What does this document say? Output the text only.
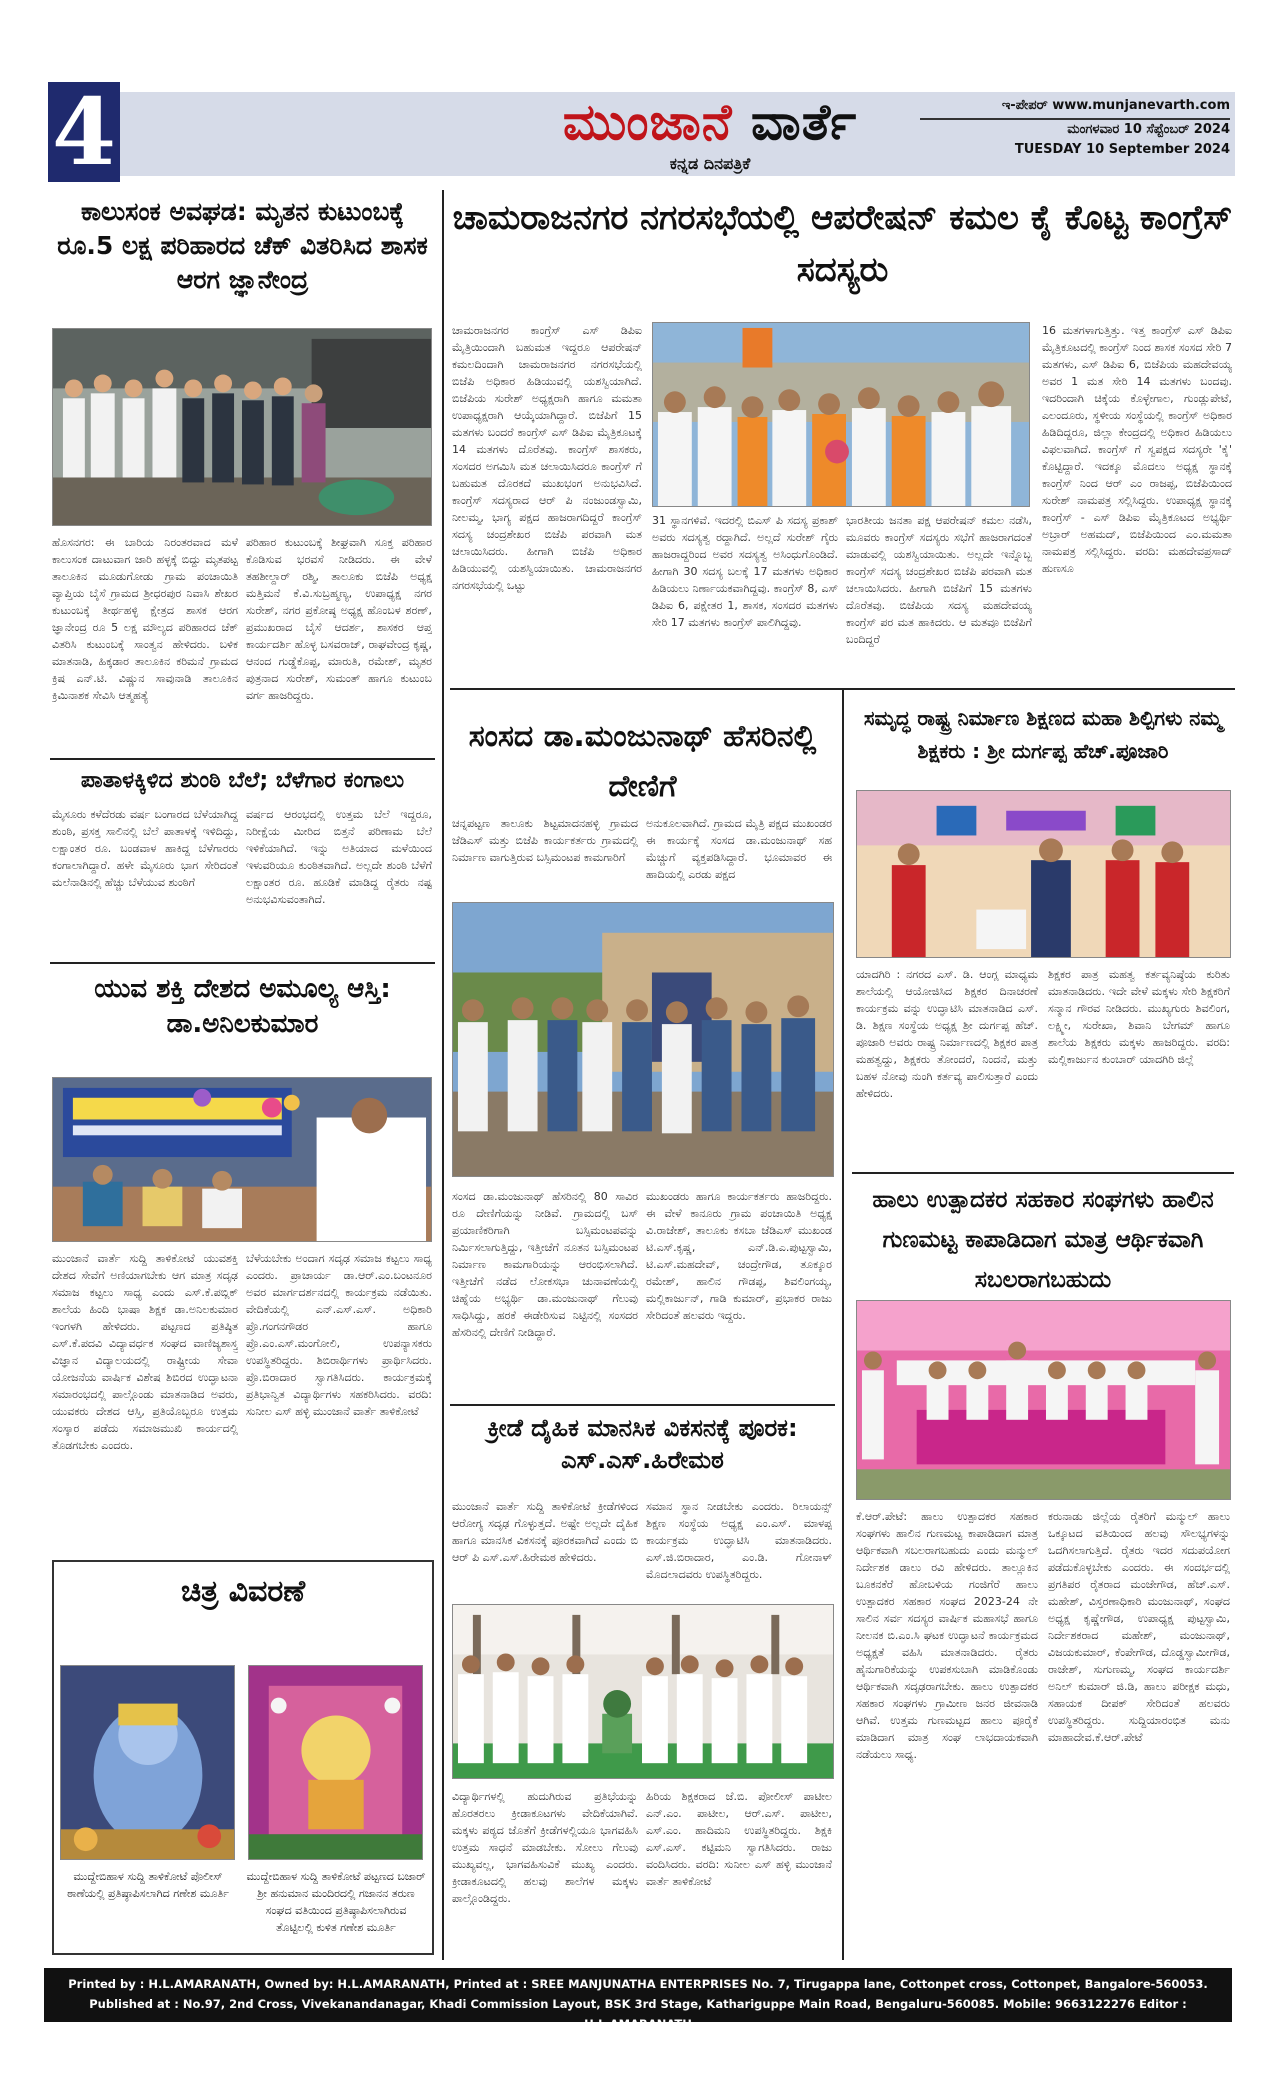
4	ಮುಂಜಾನೆ ವಾರ್ತೆ
ಕನ್ನಡ ದಿನಪತ್ರಿಕೆ
ಇ-ಪೇಪರ್ www.munjanevarth.com
ಮಂಗಳವಾರ 10 ಸೆಪ್ಟೆಂಬರ್ 2024
TUESDAY 10 September 2024
ಕಾಲುಸಂಕ ಅವಘಡ: ಮೃತನ ಕುಟುಂಬಕ್ಕೆ ರೂ.5 ಲಕ್ಷ ಪರಿಹಾರದ ಚೆಕ್ ವಿತರಿಸಿದ ಶಾಸಕ ಆರಗ ಜ್ಞಾನೇಂದ್ರ
ಹೊಸನಗರ: ಈ ಬಾರಿಯ ನಿರಂತರವಾದ ಮಳೆ ಕಾಲುಸಂಕ ದಾಟುವಾಗ ಜಾರಿ ಹಳ್ಳಕ್ಕೆ ಬಿದ್ದು ಮೃತಪಟ್ಟ ತಾಲೂಕಿನ ಮೂಡುಗೋಡು ಗ್ರಾಮ ಪಂಚಾಯಿತಿ ವ್ಯಾಪ್ತಿಯ ಬೈಸೆ ಗ್ರಾಮದ ಶ್ರೀಧರಪುರ ನಿವಾಸಿ ಶೇಖರ ಕುಟುಂಬಕ್ಕೆ ತೀರ್ಥಹಳ್ಳಿ ಕ್ಷೇತ್ರದ ಶಾಸಕ ಆರಗ ಜ್ಞಾನೇಂದ್ರ ರೂ 5 ಲಕ್ಷ ಮೌಲ್ಯದ ಪರಿಹಾರದ ಚೆಕ್ ವಿತರಿಸಿ ಕುಟುಂಬಕ್ಕೆ ಸಾಂತ್ವನ ಹೇಳಿದರು. ಬಳಿಕ ಮಾತನಾಡಿ, ಹಿಕ್ಕಡಾರ ತಾಲೂಕಿನ ಕರಿಮನೆ ಗ್ರಾಮದ ಕ್ರಿಷ ಎನ್.ಟಿ. ವಿಷ್ಣುನ ಸಾವುನಾಡಿ ತಾಲೂಕಿನ ಕ್ರಿಮಿನಾಶಕ ಸೇವಿಸಿ ಆತ್ಮಹತ್ಯೆ
ಪರಿಹಾರ ಕುಟುಂಬಕ್ಕೆ ಶೀಘ್ರವಾಗಿ ಸೂಕ್ತ ಪರಿಹಾರ ಕೊಡಿಸುವ ಭರವಸೆ ನೀಡಿದರು. ಈ ವೇಳೆ ತಹಶೀಲ್ದಾರ್ ರಶ್ಮಿ, ತಾಲೂಕು ಬಿಜೆಪಿ ಅಧ್ಯಕ್ಷ ಮತ್ತಿಮನೆ ಕೆ.ವಿ.ಸುಬ್ರಹ್ಮಣ್ಯ, ಉಪಾಧ್ಯಕ್ಷ ನಗರ ಸುರೇಶ್, ನಗರ ಪ್ರಕೋಷ್ಠ ಅಧ್ಯಕ್ಷ ಹೊಂಬಳ ಶರಣ್, ಪ್ರಮುಖರಾದ ಬೈಸೆ ಆದರ್ಶ, ಶಾಸಕರ ಆಪ್ತ ಕಾರ್ಯದರ್ಶಿ ಹೊಳ್ಳ ಬಸವರಾಜ್, ರಾಘವೇಂದ್ರ ಕೃಷ್ಣ, ಆನಂದ ಗುಡ್ಡೆಕೊಪ್ಪ, ಮಾರುತಿ, ರಮೇಶ್, ಮೃತರ ಪುತ್ರನಾದ ಸುರೇಶ್, ಸುಮಂತ್ ಹಾಗೂ ಕುಟುಂಬ ವರ್ಗ ಹಾಜರಿದ್ದರು.
ಪಾತಾಳಕ್ಕಿಳಿದ ಶುಂಠಿ ಬೆಲೆ; ಬೆಳೆಗಾರ ಕಂಗಾಲು
ಮೈಸೂರು ಕಳೆದೆರಡು ವರ್ಷ ಬಂಗಾರದ ಬೆಳೆಯಾಗಿದ್ದ ಶುಂಠಿ, ಪ್ರಸಕ್ತ ಸಾಲಿನಲ್ಲಿ ಬೆಲೆ ಪಾತಾಳಕ್ಕೆ ಇಳಿದಿದ್ದು, ಲಕ್ಷಾಂತರ ರೂ. ಬಂಡವಾಳ ಹಾಕಿದ್ದ ಬೆಳೆಗಾರರು ಕಂಗಾಲಾಗಿದ್ದಾರೆ. ಹಳೇ ಮೈಸೂರು ಭಾಗ ಸೇರಿದಂತೆ ಮಲೆನಾಡಿನಲ್ಲಿ ಹೆಚ್ಚು ಬೆಳೆಯುವ ಶುಂಠಿಗೆ
ವರ್ಷದ ಆರಂಭದಲ್ಲಿ ಉತ್ತಮ ಬೆಲೆ ಇದ್ದರೂ, ನಿರೀಕ್ಷೆಯ ಮೀರಿದ ಬಿತ್ತನೆ ಪರಿಣಾಮ ಬೆಲೆ ಇಳಿಕೆಯಾಗಿದೆ. ಇನ್ನು ಅತಿಯಾದ ಮಳೆಯಿಂದ ಇಳುವರಿಯೂ ಕುಂಠಿತವಾಗಿದೆ. ಅಲ್ಲದೇ ಶುಂಠಿ ಬೆಳೆಗೆ ಲಕ್ಷಾಂತರ ರೂ. ಹೂಡಿಕೆ ಮಾಡಿದ್ದ ರೈತರು ನಷ್ಟ ಅನುಭವಿಸುವಂತಾಗಿದೆ.
ಯುವ ಶಕ್ತಿ ದೇಶದ ಅಮೂಲ್ಯ ಆಸ್ತಿ: ಡಾ.ಅನಿಲಕುಮಾರ
ಮುಂಜಾನೆ ವಾರ್ತೆ ಸುದ್ದಿ ತಾಳಿಕೋಟೆ ಯುವಶಕ್ತಿ ದೇಶದ ಸೇವೆಗೆ ಅಣಿಯಾಗಬೇಕು ಆಗ ಮಾತ್ರ ಸದೃಢ ಸಮಾಜ ಕಟ್ಟಲು ಸಾಧ್ಯ ಎಂದು ಎಸ್.ಕೆ.ಪಬ್ಲಿಕ್ ಶಾಲೆಯ ಹಿಂದಿ ಭಾಷಾ ಶಿಕ್ಷಕ ಡಾ.ಅನಿಲಕುಮಾರ ಇಂಗಳಗಿ ಹೇಳಿದರು. ಪಟ್ಟಣದ ಪ್ರತಿಷ್ಠಿತ ಎಸ್.ಕೆ.ಪದವಿ ವಿದ್ಯಾವರ್ಧಕ ಸಂಘದ ವಾಣಿಜ್ಯಶಾಸ್ತ್ರ ವಿಜ್ಞಾನ ವಿದ್ಯಾಲಯದಲ್ಲಿ ರಾಷ್ಟ್ರೀಯ ಸೇವಾ ಯೋಜನೆಯ ವಾರ್ಷಿಕ ವಿಶೇಷ ಶಿಬಿರದ ಉದ್ಘಾಟನಾ ಸಮಾರಂಭದಲ್ಲಿ ಪಾಲ್ಗೊಂಡು ಮಾತನಾಡಿದ ಅವರು, ಯುವಕರು ದೇಶದ ಆಸ್ತಿ, ಪ್ರತಿಯೊಬ್ಬರೂ ಉತ್ತಮ ಸಂಸ್ಕಾರ ಪಡೆದು ಸಮಾಜಮುಖಿ ಕಾರ್ಯದಲ್ಲಿ ತೊಡಗಬೇಕು ಎಂದರು.
ಬೆಳೆಯಬೇಕು ಅಂದಾಗ ಸದೃಢ ಸಮಾಜ ಕಟ್ಟಲು ಸಾಧ್ಯ ಎಂದರು. ಪ್ರಾಚಾರ್ಯ ಡಾ.ಆರ್.ಎಂ.ಬಂಟನೂರ ಅವರ ಮಾರ್ಗದರ್ಶನದಲ್ಲಿ ಕಾರ್ಯಕ್ರಮ ನಡೆಯಿತು. ವೇದಿಕೆಯಲ್ಲಿ ಎನ್.ಎಸ್.ಎಸ್. ಅಧಿಕಾರಿ ಪ್ರೊ.ಗಂಗನಗೌಡರ ಹಾಗೂ ಪ್ರೊ.ಎಂ.ಎಸ್.ಮಂಗೋಲಿ, ಉಪನ್ಯಾಸಕರು ಉಪಸ್ಥಿತರಿದ್ದರು. ಶಿಬಿರಾರ್ಥಿಗಳು ಪ್ರಾರ್ಥಿಸಿದರು. ಪ್ರೊ.ಬಿರಾದಾರ ಸ್ವಾಗತಿಸಿದರು. ಕಾರ್ಯಕ್ರಮಕ್ಕೆ ಪ್ರತಿಭಾನ್ವಿತ ವಿದ್ಯಾರ್ಥಿಗಳು ಸಹಕರಿಸಿದರು. ವರದಿ: ಸುನೀಲ ಎಸ್ ಹಳ್ಳಿ ಮುಂಜಾನೆ ವಾರ್ತೆ ತಾಳಿಕೋಟೆ
ಚಿತ್ರ ವಿವರಣೆ
ಮುದ್ದೇಬಿಹಾಳ ಸುದ್ದಿ ತಾಳಿಕೋಟೆ ಪೊಲೀಸ್ ಠಾಣೆಯಲ್ಲಿ ಪ್ರತಿಷ್ಠಾಪಿಸಲಾಗಿದ ಗಣೇಶ ಮೂರ್ತಿ
ಮುದ್ದೇಬಿಹಾಳ ಸುದ್ದಿ ತಾಳಿಕೋಟೆ ಪಟ್ಟಣದ ಬಜಾರ್ ಶ್ರೀ ಹನುಮಾನ ಮಂದಿರದಲ್ಲಿ ಗಜಾನನ ತರುಣ ಸಂಘದ ವತಿಯಿಂದ ಪ್ರತಿಷ್ಠಾಪಿಸಲಾಗಿರುವ ತೊಟ್ಟಿಲಲ್ಲಿ ಕುಳಿತ ಗಣೇಶ ಮೂರ್ತಿ
ಚಾಮರಾಜನಗರ ನಗರಸಭೆಯಲ್ಲಿ ಆಪರೇಷನ್ ಕಮಲ ಕೈ ಕೊಟ್ಟ ಕಾಂಗ್ರೆಸ್ ಸದಸ್ಯರು
ಚಾಮರಾಜನಗರ ಕಾಂಗ್ರೆಸ್ ಎಸ್ ಡಿಪಿಐ ಮೈತ್ರಿಯಿಂದಾಗಿ ಬಹುಮತ ಇದ್ದರೂ ಆಪರೇಷನ್ ಕಮಲದಿಂದಾಗಿ ಚಾಮರಾಜನಗರ ನಗರಸಭೆಯಲ್ಲಿ ಬಿಜೆಪಿ ಅಧಿಕಾರ ಹಿಡಿಯುವಲ್ಲಿ ಯಶಸ್ವಿಯಾಗಿದೆ. ಬಿಜೆಪಿಯ ಸುರೇಶ್ ಅಧ್ಯಕ್ಷರಾಗಿ ಹಾಗೂ ಮಮತಾ ಉಪಾಧ್ಯಕ್ಷರಾಗಿ ಆಯ್ಕೆಯಾಗಿದ್ದಾರೆ. ಬಿಜೆಪಿಗೆ 15 ಮತಗಳು ಬಂದರೆ ಕಾಂಗ್ರೆಸ್ ಎಸ್ ಡಿಪಿಐ ಮೈತ್ರಿಕೂಟಕ್ಕೆ 14 ಮತಗಳು ದೊರೆತವು. ಕಾಂಗ್ರೆಸ್ ಶಾಸಕರು, ಸಂಸದರ ಅಗಮಿಸಿ ಮತ ಚಲಾಯಿಸಿದರೂ ಕಾಂಗ್ರೆಸ್ ಗೆ ಬಹುಮತ ದೊರಕದೆ ಮುಖಭಂಗ ಅನುಭವಿಸಿದೆ. ಕಾಂಗ್ರೆಸ್ ಸದಸ್ಯರಾದ ಆರ್ ಪಿ ನಂಜುಂಡಸ್ವಾಮಿ, ನೀಲಮ್ಮ, ಭಾಗ್ಯ ಪಕ್ಷದ ಹಾಜರಾಗದಿದ್ದರೆ ಕಾಂಗ್ರೆಸ್ ಸದಸ್ಯ ಚಂದ್ರಶೇಖರ ಬಿಜೆಪಿ ಪರವಾಗಿ ಮತ ಚಲಾಯಿಸಿದರು. ಹೀಗಾಗಿ ಬಿಜೆಪಿ ಅಧಿಕಾರ ಹಿಡಿಯುವಲ್ಲಿ ಯಶಸ್ವಿಯಾಯಿತು. ಚಾಮರಾಜನಗರ ನಗರಸಭೆಯಲ್ಲಿ ಒಟ್ಟು
31 ಸ್ಥಾನಗಳಿವೆ. ಇದರಲ್ಲಿ ಬಿಎಸ್ ಪಿ ಸದಸ್ಯ ಪ್ರಕಾಶ್ ಅವರು ಸದಸ್ಯತ್ವ ರದ್ದಾಗಿದೆ. ಅಲ್ಲದೆ ಸುರೇಶ್ ಗೈರು ಹಾಜರಾದ್ದರಿಂದ ಅವರ ಸದಸ್ಯತ್ವ ಅಸಿಂಧುಗೊಂಡಿದೆ. ಹೀಗಾಗಿ 30 ಸದಸ್ಯ ಬಲಕ್ಕೆ 17 ಮತಗಳು ಅಧಿಕಾರ ಹಿಡಿಯಲು ನಿರ್ಣಾಯಕವಾಗಿದ್ದವು. ಕಾಂಗ್ರೆಸ್ 8, ಎಸ್ ಡಿಪಿಐ 6, ಪಕ್ಷೇತರ 1, ಶಾಸಕ, ಸಂಸದರ ಮತಗಳು ಸೇರಿ 17 ಮತಗಳು ಕಾಂಗ್ರೆಸ್ ಪಾಲಿಗಿದ್ದವು.
ಭಾರತೀಯ ಜನತಾ ಪಕ್ಷ ಆಪರೇಷನ್ ಕಮಲ ನಡೆಸಿ, ಮೂವರು ಕಾಂಗ್ರೆಸ್ ಸದಸ್ಯರು ಸಭೆಗೆ ಹಾಜರಾಗದಂತೆ ಮಾಡುವಲ್ಲಿ ಯಶಸ್ವಿಯಾಯಿತು. ಅಲ್ಲದೇ ಇನ್ನೊಬ್ಬ ಕಾಂಗ್ರೆಸ್ ಸದಸ್ಯ ಚಂದ್ರಶೇಖರ ಬಿಜೆಪಿ ಪರವಾಗಿ ಮತ ಚಲಾಯಿಸಿದರು. ಹೀಗಾಗಿ ಬಿಜೆಪಿಗೆ 15 ಮತಗಳು ದೊರೆತವು. ಬಿಜೆಪಿಯ ಸದಸ್ಯ ಮಹದೇವಯ್ಯ ಕಾಂಗ್ರೆಸ್ ಪರ ಮತ ಹಾಕಿದರು. ಆ ಮತವೂ ಬಿಜೆಪಿಗೆ ಬಂದಿದ್ದರೆ
16 ಮತಗಳಾಗುತ್ತಿತ್ತು. ಇತ್ತ ಕಾಂಗ್ರೆಸ್ ಎಸ್ ಡಿಪಿಐ ಮೈತ್ರಿಕೂಟದಲ್ಲಿ ಕಾಂಗ್ರೆಸ್ ನಿಂದ ಶಾಸಕ ಸಂಸದ ಸೇರಿ 7 ಮತಗಳು, ಎಸ್ ಡಿಪಿಐ 6, ಬಿಜೆಪಿಯ ಮಹದೇವಯ್ಯ ಅವರ 1 ಮತ ಸೇರಿ 14 ಮತಗಳು ಬಂದವು. ಇದರಿಂದಾಗಿ ಚಿಕ್ಕೆಯ ಕೊಳ್ಳೇಗಾಲ, ಗುಂಡ್ಲುಪೇಟೆ, ಎಲಂದೂರು, ಸ್ಥಳೀಯ ಸಂಸ್ಥೆಯಲ್ಲಿ ಕಾಂಗ್ರೆಸ್ ಅಧಿಕಾರ ಹಿಡಿದಿದ್ದರೂ, ಜಿಲ್ಲಾ ಕೇಂದ್ರದಲ್ಲಿ ಅಧಿಕಾರ ಹಿಡಿಯಲು ವಿಫಲವಾಗಿದೆ. ಕಾಂಗ್ರೆಸ್ ಗೆ ಸ್ವಪಕ್ಷದ ಸದಸ್ಯರೇ 'ಕೈ' ಕೊಟ್ಟಿದ್ದಾರೆ. ಇದಕ್ಕೂ ಮೊದಲು ಅಧ್ಯಕ್ಷ ಸ್ಥಾನಕ್ಕೆ ಕಾಂಗ್ರೆಸ್ ನಿಂದ ಆರ್ ಎಂ ರಾಜಪ್ಪ, ಬಿಜೆಪಿಯಿಂದ ಸುರೇಶ್ ನಾಮಪತ್ರ ಸಲ್ಲಿಸಿದ್ದರು. ಉಪಾಧ್ಯಕ್ಷ ಸ್ಥಾನಕ್ಕೆ ಕಾಂಗ್ರೆಸ್ - ಎಸ್ ಡಿಪಿಐ ಮೈತ್ರಿಕೂಟದ ಅಭ್ಯರ್ಥಿ ಅಬ್ರಾರ್ ಅಹಮದ್, ಬಿಜೆಪಿಯಿಂದ ಎಂ.ಮಮತಾ ನಾಮಪತ್ರ ಸಲ್ಲಿಸಿದ್ದರು. ವರದಿ: ಮಹದೇವಪ್ರಸಾದ್ ಹುಣಸೂ
ಸಂಸದ ಡಾ.ಮಂಜುನಾಥ್ ಹೆಸರಿನಲ್ಲಿ ದೇಣಿಗೆ
ಚನ್ನಪಟ್ಟಣ ತಾಲೂಕು ಶಿಟ್ಟಮಾದನಹಳ್ಳಿ ಗ್ರಾಮದ ಜೆಡಿಎಸ್ ಮತ್ತು ಬಿಜೆಪಿ ಕಾರ್ಯಕರ್ತರು ಗ್ರಾಮದಲ್ಲಿ ನಿರ್ಮಾಣ ವಾಗುತ್ತಿರುವ ಬಸ್ಸಿಮಂಟಪ ಕಾಮಗಾರಿಗೆ
ಅನುಕೂಲವಾಗಿದೆ. ಗ್ರಾಮದ ಮೈತ್ರಿ ಪಕ್ಷದ ಮುಖಂಡರ ಈ ಕಾರ್ಯಕ್ಕೆ ಸಂಸದ ಡಾ.ಮಂಜುನಾಥ್ ಸಹ ಮೆಚ್ಚುಗೆ ವ್ಯಕ್ತಪಡಿಸಿದ್ದಾರೆ. ಭೂಮಾವರ ಈ ಹಾದಿಯಲ್ಲಿ ಎರಡು ಪಕ್ಷದ
ಸಂಸದ ಡಾ.ಮಂಜುನಾಥ್ ಹೆಸರಿನಲ್ಲಿ 80 ಸಾವಿರ ರೂ ದೇಣಿಗೆಯನ್ನು ನೀಡಿವೆ. ಗ್ರಾಮದಲ್ಲಿ ಬಸ್ ಪ್ರಯಾಣಿಕರಿಗಾಗಿ ಬಸ್ಸಿಮಂಟಪವನ್ನು ನಿರ್ಮಿಸಲಾಗುತ್ತಿದ್ದು, ಇತ್ತೀಚೆಗೆ ನೂತನ ಬಸ್ಸಿಮಂಟಪ ನಿರ್ಮಾಣ ಕಾಮಗಾರಿಯನ್ನು ಆರಂಭಿಸಲಾಗಿದೆ. ಇತ್ತೀಚೆಗೆ ನಡೆದ ಲೋಕಸಭಾ ಚುನಾವಣೆಯಲ್ಲಿ ಚಿಹ್ನೆಯ ಅಭ್ಯರ್ಥಿ ಡಾ.ಮಂಜುನಾಥ್ ಗೆಲುವು ಸಾಧಿಸಿದ್ದು, ಹರಕೆ ಈಡೇರಿಸುವ ನಿಟ್ಟಿನಲ್ಲಿ ಸಂಸದರ ಹೆಸರಿನಲ್ಲಿ ದೇಣಿಗೆ ನೀಡಿದ್ದಾರೆ.
ಮುಖಂಡರು ಹಾಗೂ ಕಾರ್ಯಕರ್ತರು ಹಾಜರಿದ್ದರು. ಈ ವೇಳೆ ಕಾನೂರು ಗ್ರಾಮ ಪಂಚಾಯಿತಿ ಅಧ್ಯಕ್ಷ ವಿ.ರಾಜೇಶ್, ತಾಲೂಕು ಕಸಬಾ ಜೆಡಿಎಸ್ ಮುಖಂಡ ಟಿ.ಎಸ್.ಕೃಷ್ಣ, ಎನ್.ಡಿ.ಎ.ಪುಟ್ಟಸ್ವಾಮಿ, ಟಿ.ಎಸ್.ಮಹದೇವ್, ಚಂದ್ರೇಗೌಡ, ತೂಕ್ಕೂರ ರಮೇಶ್, ಹಾಲಿನ ಗೌಡಪ್ಪ, ಶಿವಲಿಂಗಯ್ಯ, ಮಲ್ಲಿಕಾರ್ಜುನ್, ಗಾಡಿ ಕುಮಾರ್, ಪ್ರಭಾಕರ ರಾಜು ಸೇರಿದಂತೆ ಹಲವರು ಇದ್ದರು.
ಕ್ರೀಡೆ ದೈಹಿಕ ಮಾನಸಿಕ ವಿಕಸನಕ್ಕೆ ಪೂರಕ: ಎಸ್.ಎಸ್.ಹಿರೇಮಠ
ಮುಂಜಾನೆ ವಾರ್ತೆ ಸುದ್ದಿ ತಾಳಿಕೋಟೆ ಕ್ರೀಡೆಗಳಿಂದ ಆರೋಗ್ಯ ಸದೃಢ ಗೊಳ್ಳುತ್ತದೆ. ಅಷ್ಟೇ ಅಲ್ಲದೇ ದೈಹಿಕ ಹಾಗೂ ಮಾನಸಿಕ ವಿಕಸನಕ್ಕೆ ಪೂರಕವಾಗಿದೆ ಎಂದು ಬಿ ಆರ್ ಪಿ ಎಸ್.ಎಸ್.ಹಿರೇಮಠ ಹೇಳಿದರು.
ಸಮಾನ ಸ್ಥಾನ ನೀಡಬೇಕು ಎಂದರು. ರಿಲಾಯನ್ಸ್ ಶಿಕ್ಷಣ ಸಂಸ್ಥೆಯ ಅಧ್ಯಕ್ಷ ಎಂ.ಎಸ್. ಮಾಳಪ್ಪ ಕಾರ್ಯಕ್ರಮ ಉದ್ಘಾಟಿಸಿ ಮಾತನಾಡಿದರು. ಎಸ್.ಜಿ.ಬಿರಾದಾರ, ಎಂ.ಡಿ. ಗೋನಾಳ್ ಮೊದಲಾದವರು ಉಪಸ್ಥಿತರಿದ್ದರು.
ವಿದ್ಯಾರ್ಥಿಗಳಲ್ಲಿ ಹುದುಗಿರುವ ಪ್ರತಿಭೆಯನ್ನು ಹೊರತರಲು ಕ್ರೀಡಾಕೂಟಗಳು ವೇದಿಕೆಯಾಗಿವೆ. ಮಕ್ಕಳು ಪಠ್ಯದ ಜೊತೆಗೆ ಕ್ರೀಡೆಗಳಲ್ಲಿಯೂ ಭಾಗವಹಿಸಿ ಉತ್ತಮ ಸಾಧನೆ ಮಾಡಬೇಕು. ಸೋಲು ಗೆಲುವು ಮುಖ್ಯವಲ್ಲ, ಭಾಗವಹಿಸುವಿಕೆ ಮುಖ್ಯ ಎಂದರು. ಕ್ರೀಡಾಕೂಟದಲ್ಲಿ ಹಲವು ಶಾಲೆಗಳ ಮಕ್ಕಳು ಪಾಲ್ಗೊಂಡಿದ್ದರು.
ಹಿರಿಯ ಶಿಕ್ಷಕರಾದ ಜೆ.ಬಿ. ಪೋಲೀಸ್ ಪಾಟೀಲ ಎನ್.ಎಂ. ಪಾಟೀಲ, ಆರ್.ಎಸ್. ಪಾಟೀಲ, ಎಸ್.ಎಂ. ಹಾದಿಮನಿ ಉಪಸ್ಥಿತರಿದ್ದರು. ಶಿಕ್ಷಕಿ ಎಸ್.ಎಸ್. ಕಟ್ಟಿಮನಿ ಸ್ವಾಗತಿಸಿದರು. ರಾಜು ವಂದಿಸಿದರು. ವರದಿ: ಸುನೀಲ ಎಸ್ ಹಳ್ಳಿ ಮುಂಜಾನೆ ವಾರ್ತೆ ತಾಳಿಕೋಟೆ
ಸಮೃದ್ಧ ರಾಷ್ಟ್ರ ನಿರ್ಮಾಣ ಶಿಕ್ಷಣದ ಮಹಾ ಶಿಲ್ಪಿಗಳು ನಮ್ಮ ಶಿಕ್ಷಕರು : ಶ್ರೀ ದುರ್ಗಪ್ಪ ಹೆಚ್.ಪೂಜಾರಿ
ಯಾದಗಿರಿ : ನಗರದ ಎಸ್. ಡಿ. ಆಂಗ್ಲ ಮಾಧ್ಯಮ ಶಾಲೆಯಲ್ಲಿ ಆಯೋಜಿಸಿದ ಶಿಕ್ಷಕರ ದಿನಾಚರಣೆ ಕಾರ್ಯಕ್ರಮ ವನ್ನು ಉದ್ಘಾಟಿಸಿ ಮಾತನಾಡಿದ ಎಸ್. ಡಿ. ಶಿಕ್ಷಣ ಸಂಸ್ಥೆಯ ಅಧ್ಯಕ್ಷ ಶ್ರೀ ದುರ್ಗಪ್ಪ ಹೆಚ್. ಪೂಜಾರಿ ಅವರು ರಾಷ್ಟ್ರ ನಿರ್ಮಾಣದಲ್ಲಿ ಶಿಕ್ಷಕರ ಪಾತ್ರ ಮಹತ್ವದ್ದು, ಶಿಕ್ಷಕರು ತೋಂದರೆ, ನಿಂದನೆ, ಮತ್ತು ಬಹಳ ನೋವು ನುಂಗಿ ಕರ್ತವ್ಯ ಪಾಲಿಸುತ್ತಾರೆ ಎಂದು ಹೇಳಿದರು.
ಶಿಕ್ಷಕರ ಪಾತ್ರ ಮಹತ್ವ ಕರ್ತವ್ಯನಿಷ್ಠೆಯ ಕುರಿತು ಮಾತನಾಡಿದರು. ಇದೇ ವೇಳೆ ಮಕ್ಕಳು ಸೇರಿ ಶಿಕ್ಷಕರಿಗೆ ಸನ್ಮಾನ ಗೌರವ ನೀಡಿದರು. ಮುಖ್ಯಗುರು ಶಿವಲಿಂಗ, ಲಕ್ಷ್ಮೀ, ಸುರೇಖಾ, ಶಿವಾನಿ ಬೇಗಮ್ ಹಾಗೂ ಶಾಲೆಯ ಶಿಕ್ಷಕರು ಮಕ್ಕಳು ಹಾಜರಿದ್ದರು. ವರದಿ: ಮಲ್ಲಿಕಾರ್ಜುನ ಕುಂಬಾರ್ ಯಾದಗಿರಿ ಜಿಲ್ಲೆ
ಹಾಲು ಉತ್ಪಾದಕರ ಸಹಕಾರ ಸಂಘಗಳು ಹಾಲಿನ ಗುಣಮಟ್ಟ ಕಾಪಾಡಿದಾಗ ಮಾತ್ರ ಆರ್ಥಿಕವಾಗಿ ಸಬಲರಾಗಬಹುದು
ಕೆ.ಆರ್.ಪೇಟೆ: ಹಾಲು ಉತ್ಪಾದಕರ ಸಹಕಾರ ಸಂಘಗಳು ಹಾಲಿನ ಗುಣಮಟ್ಟ ಕಾಪಾಡಿದಾಗ ಮಾತ್ರ ಆರ್ಥಿಕವಾಗಿ ಸಬಲರಾಗಬಹುದು ಎಂದು ಮನ್ಮುಲ್ ನಿರ್ದೇಶಕ ಡಾಲು ರವಿ ಹೇಳಿದರು. ತಾಲ್ಲೂಕಿನ ಬೂಕನಕೆರೆ ಹೋಬಳಿಯ ಗಂಜಿಗೆರೆ ಹಾಲು ಉತ್ಪಾದಕರ ಸಹಕಾರ ಸಂಘದ 2023-24 ನೇ ಸಾಲಿನ ಸರ್ವ ಸದಸ್ಯರ ವಾರ್ಷಿಕ ಮಹಾಸಭೆ ಹಾಗೂ ನೀಲನಕ ಬಿ.ಎಂ.ಸಿ ಘಟಕ ಉದ್ಘಾಟನೆ ಕಾರ್ಯಕ್ರಮದ ಅಧ್ಯಕ್ಷತೆ ವಹಿಸಿ ಮಾತನಾಡಿದರು. ರೈತರು ಹೈನುಗಾರಿಕೆಯನ್ನು ಉಪಕಸುಬಾಗಿ ಮಾಡಿಕೊಂಡು ಆರ್ಥಿಕವಾಗಿ ಸದೃಢರಾಗಬೇಕು. ಹಾಲು ಉತ್ಪಾದಕರ ಸಹಕಾರ ಸಂಘಗಳು ಗ್ರಾಮೀಣ ಜನರ ಜೀವನಾಡಿ ಆಗಿವೆ. ಉತ್ತಮ ಗುಣಮಟ್ಟದ ಹಾಲು ಪೂರೈಕೆ ಮಾಡಿದಾಗ ಮಾತ್ರ ಸಂಘ ಲಾಭದಾಯಕವಾಗಿ ನಡೆಯಲು ಸಾಧ್ಯ.
ಕರುನಾಡು ಜಿಲ್ಲೆಯ ರೈತರಿಗೆ ಮನ್ಮುಲ್ ಹಾಲು ಒಕ್ಕೂಟದ ವತಿಯಿಂದ ಹಲವು ಸೌಲಭ್ಯಗಳನ್ನು ಒದಗಿಸಲಾಗುತ್ತಿದೆ. ರೈತರು ಇದರ ಸದುಪಯೋಗ ಪಡೆದುಕೊಳ್ಳಬೇಕು ಎಂದರು. ಈ ಸಂದರ್ಭದಲ್ಲಿ ಪ್ರಗತಿಪರ ರೈತರಾದ ಮಂಜೇಗೌಡ, ಹೆಚ್.ಎಸ್. ಮಹೇಶ್, ವಿಸ್ತರಣಾಧಿಕಾರಿ ಮಂಜುನಾಥ್, ಸಂಘದ ಅಧ್ಯಕ್ಷ ಕೃಷ್ಣೇಗೌಡ, ಉಪಾಧ್ಯಕ್ಷ ಪುಟ್ಟಸ್ವಾಮಿ, ನಿರ್ದೇಶಕರಾದ ಮಹೇಶ್, ಮಂಜುನಾಥ್, ವಿಜಯಕುಮಾರ್, ಕೆಂಪೇಗೌಡ, ದೊಡ್ಡಸ್ವಾಮೀಗೌಡ, ರಾಜೇಶ್, ಸುಗುಣಮ್ಮ, ಸಂಘದ ಕಾರ್ಯದರ್ಶಿ ಅನಿಲ್ ಕುಮಾರ್ ಜಿ.ಡಿ, ಹಾಲು ಪರೀಕ್ಷಕ ಮಧು, ಸಹಾಯಕ ದೀಪಕ್ ಸೇರಿದಂತೆ ಹಲವರು ಉಪಸ್ಥಿತರಿದ್ದರು. ಸುದ್ದಿಯಾರಂಭಿತ ಮನು ಮಾಹಾದೇವ.ಕೆ.ಆರ್.ಪೇಟೆ
Printed by : H.L.AMARANATH, Owned by: H.L.AMARANATH, Printed at : SREE MANJUNATHA ENTERPRISES No. 7, Tirugappa lane, Cottonpet cross, Cottonpet, Bangalore-560053.
Published at : No.97, 2nd Cross, Vivekanandanagar, Khadi Commission Layout, BSK 3rd Stage, Kathariguppe Main Road, Bengaluru-560085. Mobile: 9663122276 Editor : H.L.AMARANATH
